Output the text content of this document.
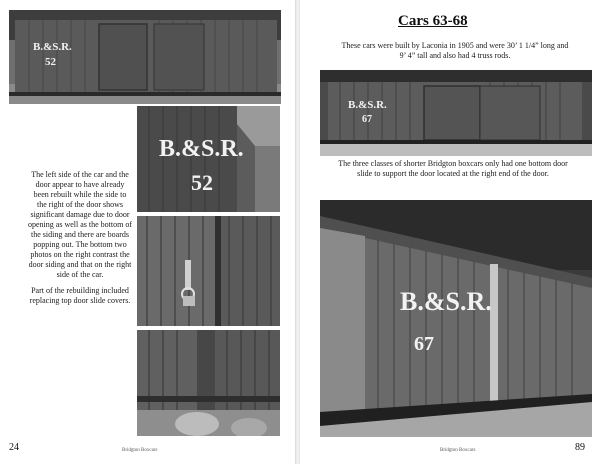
B.&S.R.
52

The left side of the car and the door appear to have already been rebuilt while the side to the right of the door shows significant damage due to door opening as well as the bottom of the siding and there are boards popping out. The bottom two photos on the right contrast the door siding and that on the right side of the car.

Part of the rebuilding included replacing top door slide covers.

B.&S.R.
52
24	Bridgton Boxcars
Cars 63-68
These cars were built by Laconia in 1905 and were 30’ 1 1/4” long and 9’ 4” tall and also had 4 truss rods.
B.&S.R.
67
The three classes of shorter Bridgton boxcars only had one bottom door slide to support the door located at the right end of the door.
B.&S.R.
67
Bridgton Boxcars	89
